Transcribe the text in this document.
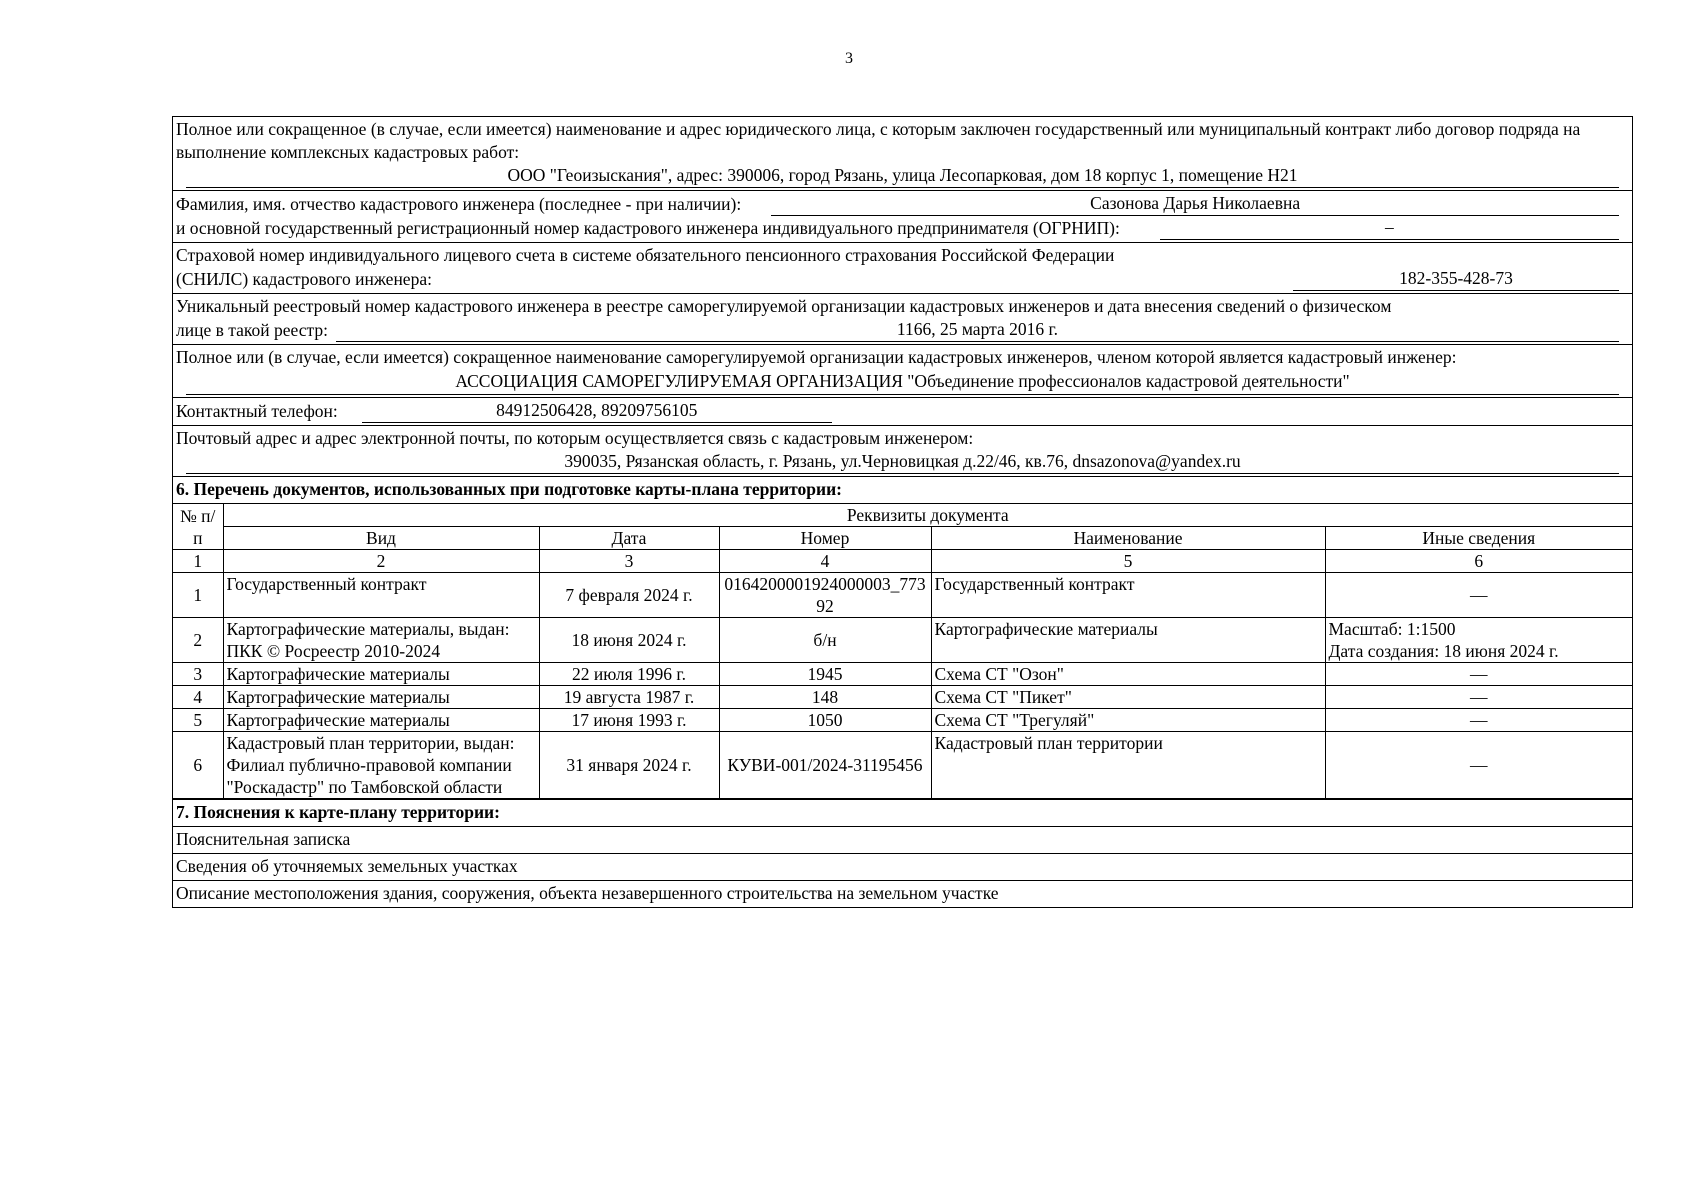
3
Полное или сокращенное (в случае, если имеется) наименование и адрес юридического лица, с которым заключен государственный или муниципальный контракт либо договор подряда на выполнение комплексных кадастровых работ:
ООО "Геоизыскания", адрес: 390006, город Рязань, улица Лесопарковая, дом 18 корпус 1, помещение Н21
Фамилия, имя. отчество кадастрового инженера (последнее - при наличии):	Сазонова Дарья Николаевна
и основной государственный регистрационный номер кадастрового инженера индивидуального предпринимателя (ОГРНИП):	–
Страховой номер индивидуального лицевого счета в системе обязательного пенсионного страхования Российской Федерации
(СНИЛС) кадастрового инженера:	182-355-428-73
Уникальный реестровый номер кадастрового инженера в реестре саморегулируемой организации кадастровых инженеров и дата внесения сведений о физическом
лице в такой реестр:	1166, 25 марта 2016 г.
Полное или (в случае, если имеется) сокращенное наименование саморегулируемой организации кадастровых инженеров, членом которой является кадастровый инженер:
АССОЦИАЦИЯ САМОРЕГУЛИРУЕМАЯ ОРГАНИЗАЦИЯ "Объединение профессионалов кадастровой деятельности"
Контактный телефон:	84912506428, 89209756105
Почтовый адрес и адрес электронной почты, по которым осуществляется связь с кадастровым инженером:
390035, Рязанская область, г. Рязань, ул.Черновицкая д.22/46, кв.76, dnsazonova@yandex.ru
6. Перечень документов, использованных при подготовке карты-плана территории:
№ п/п	Реквизиты документа				
	Вид	Дата	Номер	Наименование	Иные сведения
1	2	3	4	5	6
1	Государственный контракт	7 февраля 2024 г.	0164200001924000003_77392	Государственный контракт	—
2	Картографические материалы, выдан: ПКК © Росреестр 2010-2024	18 июня 2024 г.	б/н	Картографические материалы	Масштаб: 1:1500
Дата создания: 18 июня 2024 г.
3	Картографические материалы	22 июля 1996 г.	1945	Схема СТ "Озон"	—
4	Картографические материалы	19 августа 1987 г.	148	Схема СТ "Пикет"	—
5	Картографические материалы	17 июня 1993 г.	1050	Схема СТ "Трегуляй"	—
6	Кадастровый план территории, выдан: Филиал публично-правовой компании "Роскадастр" по Тамбовской области	31 января 2024 г.	КУВИ-001/2024-31195456	Кадастровый план территории	—
7. Пояснения к карте-плану территории:
Пояснительная записка
Сведения об уточняемых земельных участках
Описание местоположения здания, сооружения, объекта незавершенного строительства на земельном участке
